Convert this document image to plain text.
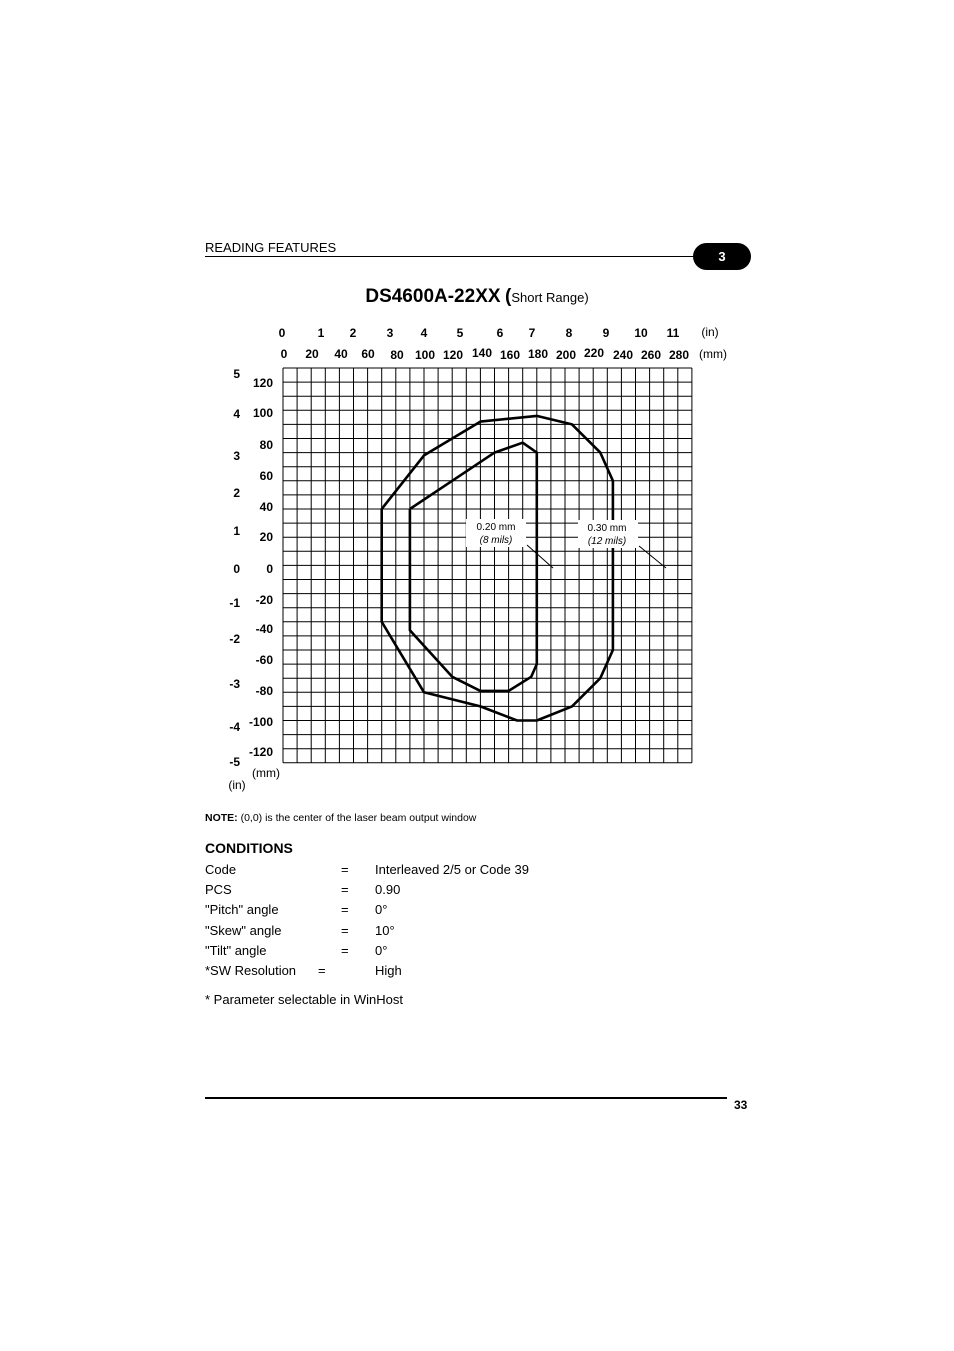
READING FEATURES
3
DS4600A-22XX (Short Range)
0	1 2	3 4 5	6 7	8	9 10 11 (in)
0 20 40 60 80 100 120 140 160 180 200 220 240 260 280 (mm)
5
4
3
2
1
0
-1
-2
-3
-4
-5
(in)
120
100
80
60
40
20
0
-20
-40
-60
-80
-100
-120
(mm)
0.30 mm
(12 mils)
0.20 mm
(8 mils)
NOTE: (0,0) is the center of the laser beam output window
CONDITIONS
Code	= Interleaved 2/5 or Code 39
PCS	= 0.90
"Pitch" angle	= 0°
"Skew" angle	= 10°
"Tilt" angle	= 0°
*SW Resolution =	High
* Parameter selectable in WinHost
33
